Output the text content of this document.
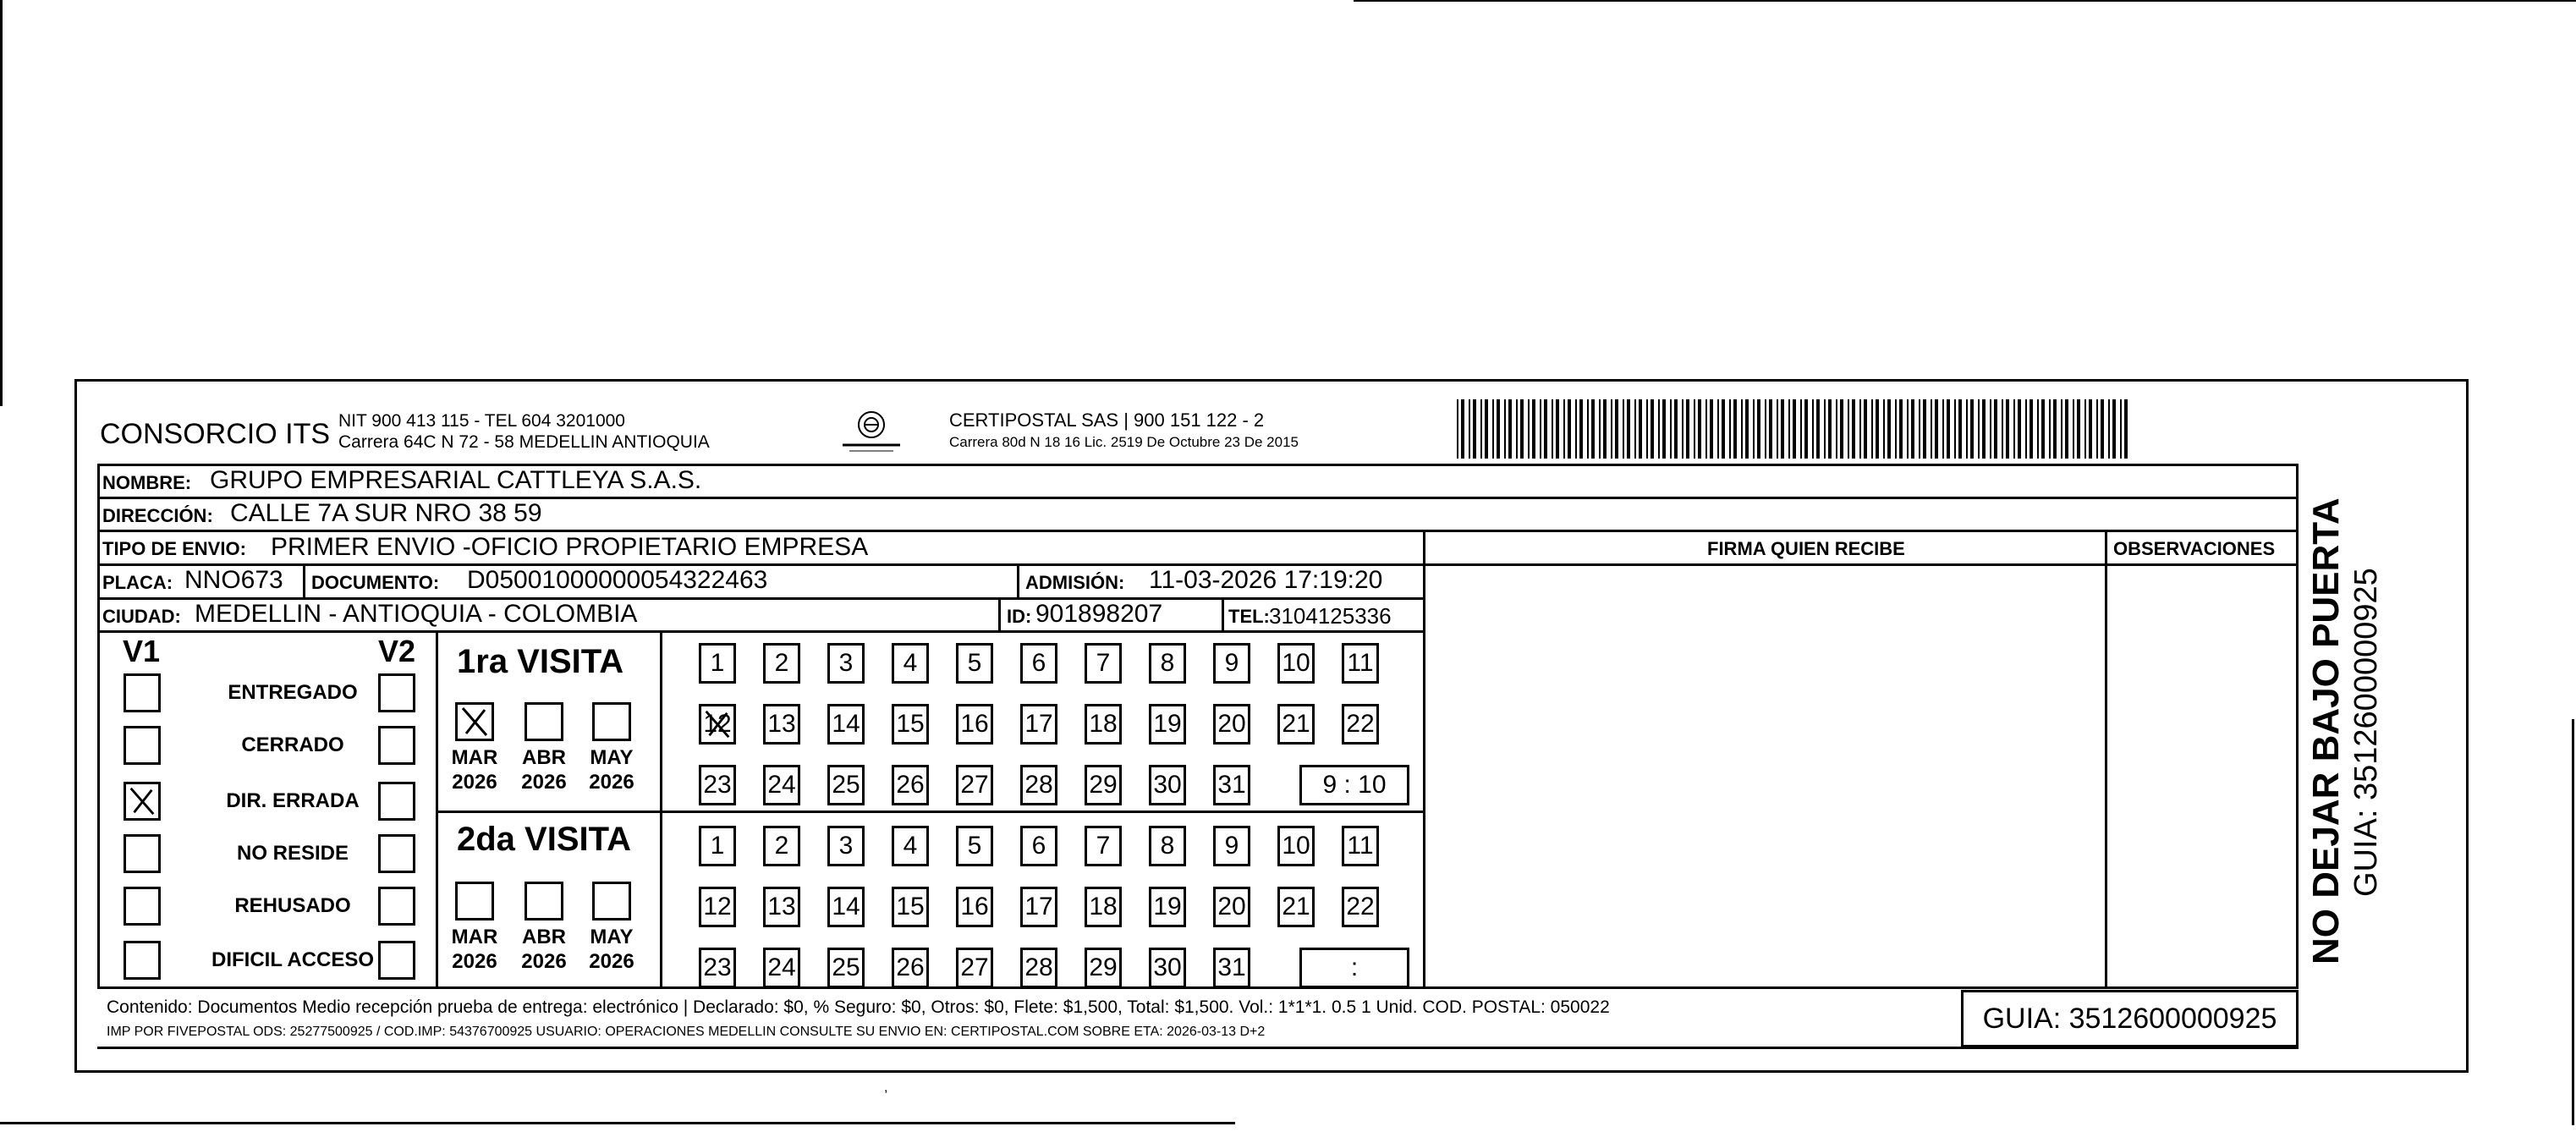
CONSORCIO ITS NIT 900 413 115 - TEL 604 3201000
Carrera 64C N 72 - 58 MEDELLIN ANTIOQUIA
CERTIPOSTAL SAS | 900 151 122 - 2
Carrera 80d N 18 16 Lic. 2519 De Octubre 23 De 2015
NOMBRE: GRUPO EMPRESARIAL CATTLEYA S.A.S.
DIRECCIÓN: CALLE 7A SUR NRO 38 59
TIPO DE ENVIO: PRIMER ENVIO -OFICIO PROPIETARIO EMPRESA	FIRMA QUIEN RECIBE	OBSERVACIONES
PLACA: NNO673 DOCUMENTO: D05001000000054322463	ADMISIÓN: 11-03-2026 17:19:20
CIUDAD: MEDELLIN - ANTIOQUIA - COLOMBIA	ID: 901898207	TEL: 3104125336
V1	V2 1ra VISITA
2da VISITA
Contenido: Documentos Medio recepción prueba de entrega: electrónico | Declarado: $0, % Seguro: $0, Otros: $0, Flete: $1,500, Total: $1,500. Vol.: 1*1*1. 0.5 1 Unid. COD. POSTAL: 050022
IMP POR FIVEPOSTAL ODS: 25277500925 / COD.IMP: 54376700925 USUARIO: OPERACIONES MEDELLIN CONSULTE SU ENVIO EN: CERTIPOSTAL.COM SOBRE ETA: 2026-03-13 D+2	GUIA: 3512600000925
NO DEJAR BAJO PUERTA GUIA: 3512600000925
,
ENTREGADO
CERRADO
DIR. ERRADA
NO RESIDE
REHUSADO
DIFICIL ACCESO
MAR
2026
ABR
2026
MAY
2026
MAR
2026
ABR
2026
MAY
2026
1	2	3	4	5	6	7	8	9	10 11
12 13 14 15 16 17 18 19 20 21 22
23 24 25 26 27 28 29 30 31	9 : 10
1	2	3	4	5	6	7	8	9	10 11
12 13 14 15 16 17 18 19 20 21 22
23 24 25 26 27 28 29 30 31	:
